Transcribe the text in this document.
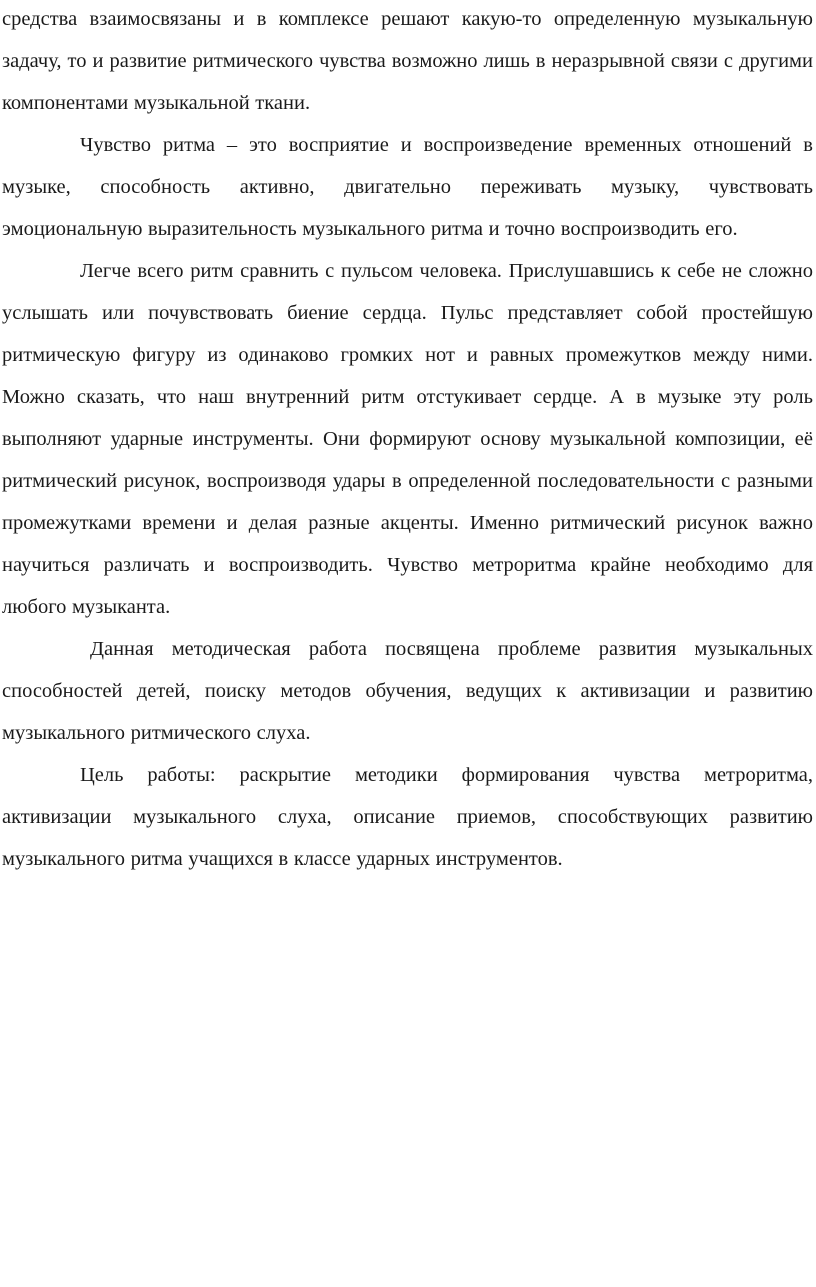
средства взаимосвязаны и в комплексе решают какую-то определенную музыкальную задачу, то и развитие ритмического чувства возможно лишь в неразрывной связи с другими компонентами музыкальной ткани.

Чувство ритма – это восприятие и воспроизведение временных отношений в музыке, способность активно, двигательно переживать музыку, чувствовать эмоциональную выразительность музыкального ритма и точно воспроизводить его.

Легче всего ритм сравнить с пульсом человека. Прислушавшись к себе не сложно услышать или почувствовать биение сердца. Пульс представляет собой простейшую ритмическую фигуру из одинаково громких нот и равных промежутков между ними. Можно сказать, что наш внутренний ритм отстукивает сердце. А в музыке эту роль выполняют ударные инструменты. Они формируют основу музыкальной композиции, её ритмический рисунок, воспроизводя удары в определенной последовательности с разными промежутками времени и делая разные акценты. Именно ритмический рисунок важно научиться различать и воспроизводить. Чувство метроритма крайне необходимо для любого музыканта.

Данная методическая работа посвящена проблеме развития музыкальных способностей детей, поиску методов обучения, ведущих к активизации и развитию музыкального ритмического слуха.

Цель работы: раскрытие методики формирования чувства метроритма, активизации музыкального слуха, описание приемов, способствующих развитию музыкального ритма учащихся в классе ударных инструментов.
